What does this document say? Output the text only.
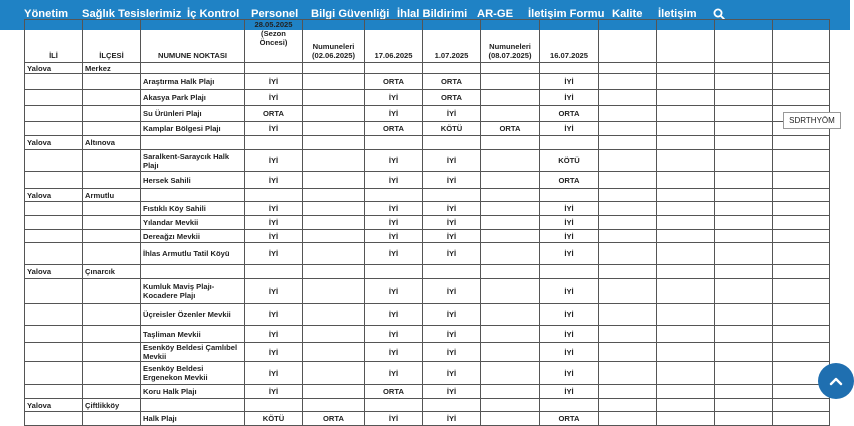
Yönetim Sağlık Tesislerimiz İç Kontrol Personel Bilgi Güvenliği İhlal Bildirimi AR-GE İletişim Formu Kalite İletişim
İLİ	İLÇESİ	NUMUNE NOKTASI	28.05.2025 (Sezon Öncesi)	Numuneleri (02.06.2025)	17.06.2025	1.07.2025	Numuneleri (08.07.2025)	16.07.2025				
Yalova	Merkez											
		Araştırma Halk Plajı	İYİ		ORTA	ORTA		İYİ				
		Akasya Park Plajı	İYİ		İYİ	ORTA		İYİ				
		Su Ürünleri Plajı	ORTA		İYİ	İYİ		ORTA				
		Kamplar Bölgesi Plajı	İYİ		ORTA	KÖTÜ	ORTA	İYİ				
Yalova	Altınova											
		Saralkent-Saraycık Halk Plajı	İYİ		İYİ	İYİ		KÖTÜ				
		Hersek Sahili	İYİ		İYİ	İYİ		ORTA				
Yalova	Armutlu											
		Fıstıklı Köy Sahili	İYİ		İYİ	İYİ		İYİ				
		Yılandar Mevkii	İYİ		İYİ	İYİ		İYİ				
		Dereağzı Mevkii	İYİ		İYİ	İYİ		İYİ				
		İhlas Armutlu Tatil Köyü	İYİ		İYİ	İYİ		İYİ				
Yalova	Çınarcık											
		Kumluk Maviş Plajı-Kocadere Plajı	İYİ		İYİ	İYİ		İYİ				
		Üçreisler Özenler Mevkii	İYİ		İYİ	İYİ		İYİ				
		Taşliman Mevkii	İYİ		İYİ	İYİ		İYİ				
		Esenköy Beldesi Çamlıbel Mevkii	İYİ		İYİ	İYİ		İYİ				
		Esenköy Beldesi Ergenekon Mevkii	İYİ		İYİ	İYİ		İYİ				
		Koru Halk Plajı	İYİ		ORTA	İYİ		İYİ				
Yalova	Çiftlikköy											
		Halk Plajı	KÖTÜ	ORTA	İYİ	İYİ		ORTA				
SDRTHYÖM
